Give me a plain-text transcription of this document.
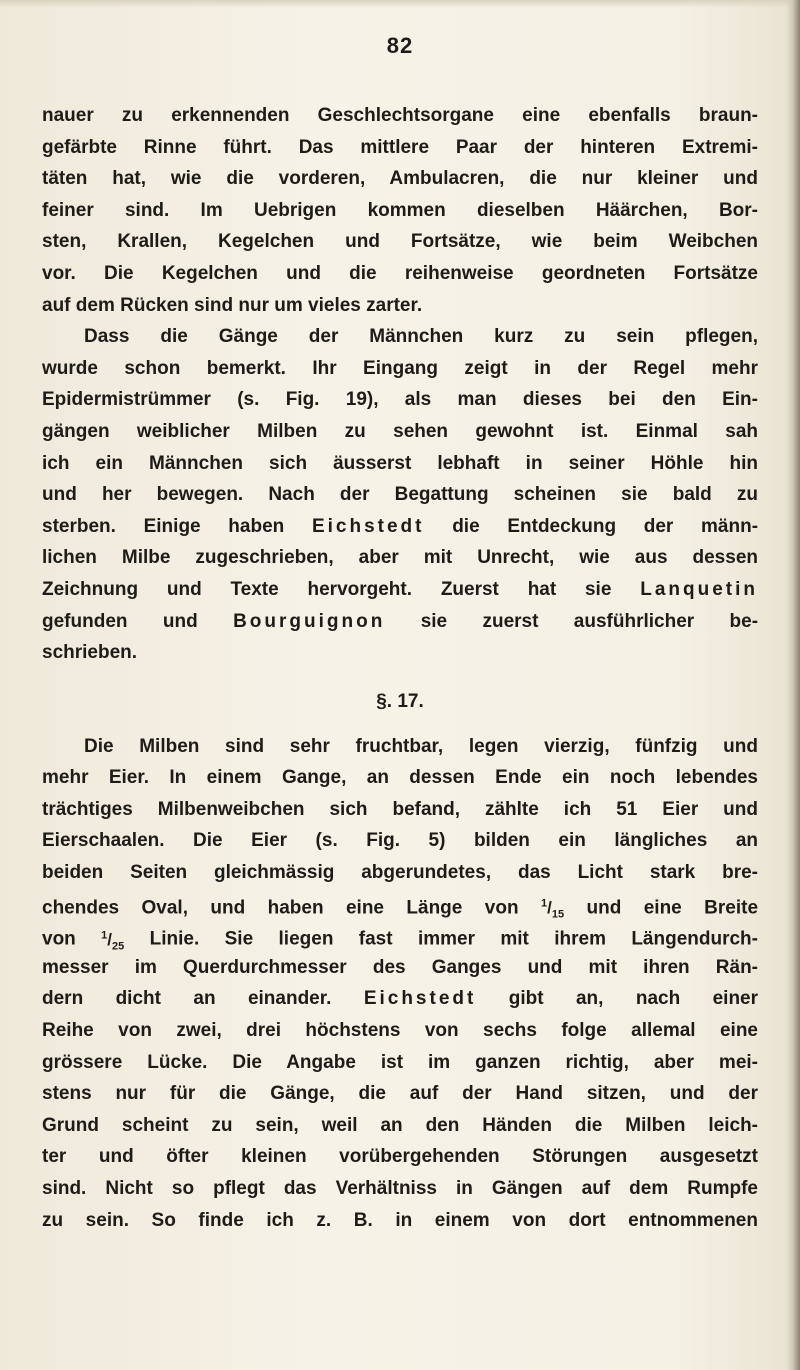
82
nauer zu erkennenden Geschlechtsorgane eine ebenfalls braun-
gefärbte Rinne führt. Das mittlere Paar der hinteren Extremi-
täten hat, wie die vorderen, Ambulacren, die nur kleiner und
feiner sind. Im Uebrigen kommen dieselben Häärchen, Bor-
sten, Krallen, Kegelchen und Fortsätze, wie beim Weibchen
vor. Die Kegelchen und die reihenweise geordneten Fortsätze
auf dem Rücken sind nur um vieles zarter.
Dass die Gänge der Männchen kurz zu sein pflegen,
wurde schon bemerkt. Ihr Eingang zeigt in der Regel mehr
Epidermistrümmer (s. Fig. 19), als man dieses bei den Ein-
gängen weiblicher Milben zu sehen gewohnt ist. Einmal sah
ich ein Männchen sich äusserst lebhaft in seiner Höhle hin
und her bewegen. Nach der Begattung scheinen sie bald zu
sterben. Einige haben Eichstedt die Entdeckung der männ-
lichen Milbe zugeschrieben, aber mit Unrecht, wie aus dessen
Zeichnung und Texte hervorgeht. Zuerst hat sie Lanquetin
gefunden und Bourguignon sie zuerst ausführlicher be-
schrieben.
§. 17.
Die Milben sind sehr fruchtbar, legen vierzig, fünfzig und
mehr Eier. In einem Gange, an dessen Ende ein noch lebendes
trächtiges Milbenweibchen sich befand, zählte ich 51 Eier und
Eierschaalen. Die Eier (s. Fig. 5) bilden ein längliches an
beiden Seiten gleichmässig abgerundetes, das Licht stark bre-
chendes Oval, und haben eine Länge von $^1/_{15}$ und eine Breite
von $^1/_{25}$ Linie. Sie liegen fast immer mit ihrem Längendurch-
messer im Querdurchmesser des Ganges und mit ihren Rän-
dern dicht an einander. Eichstedt gibt an, nach einer
Reihe von zwei, drei höchstens von sechs folge allemal eine
grössere Lücke. Die Angabe ist im ganzen richtig, aber mei-
stens nur für die Gänge, die auf der Hand sitzen, und der
Grund scheint zu sein, weil an den Händen die Milben leich-
ter und öfter kleinen vorübergehenden Störungen ausgesetzt
sind. Nicht so pflegt das Verhältniss in Gängen auf dem Rumpfe
zu sein. So finde ich z. B. in einem von dort entnommenen
